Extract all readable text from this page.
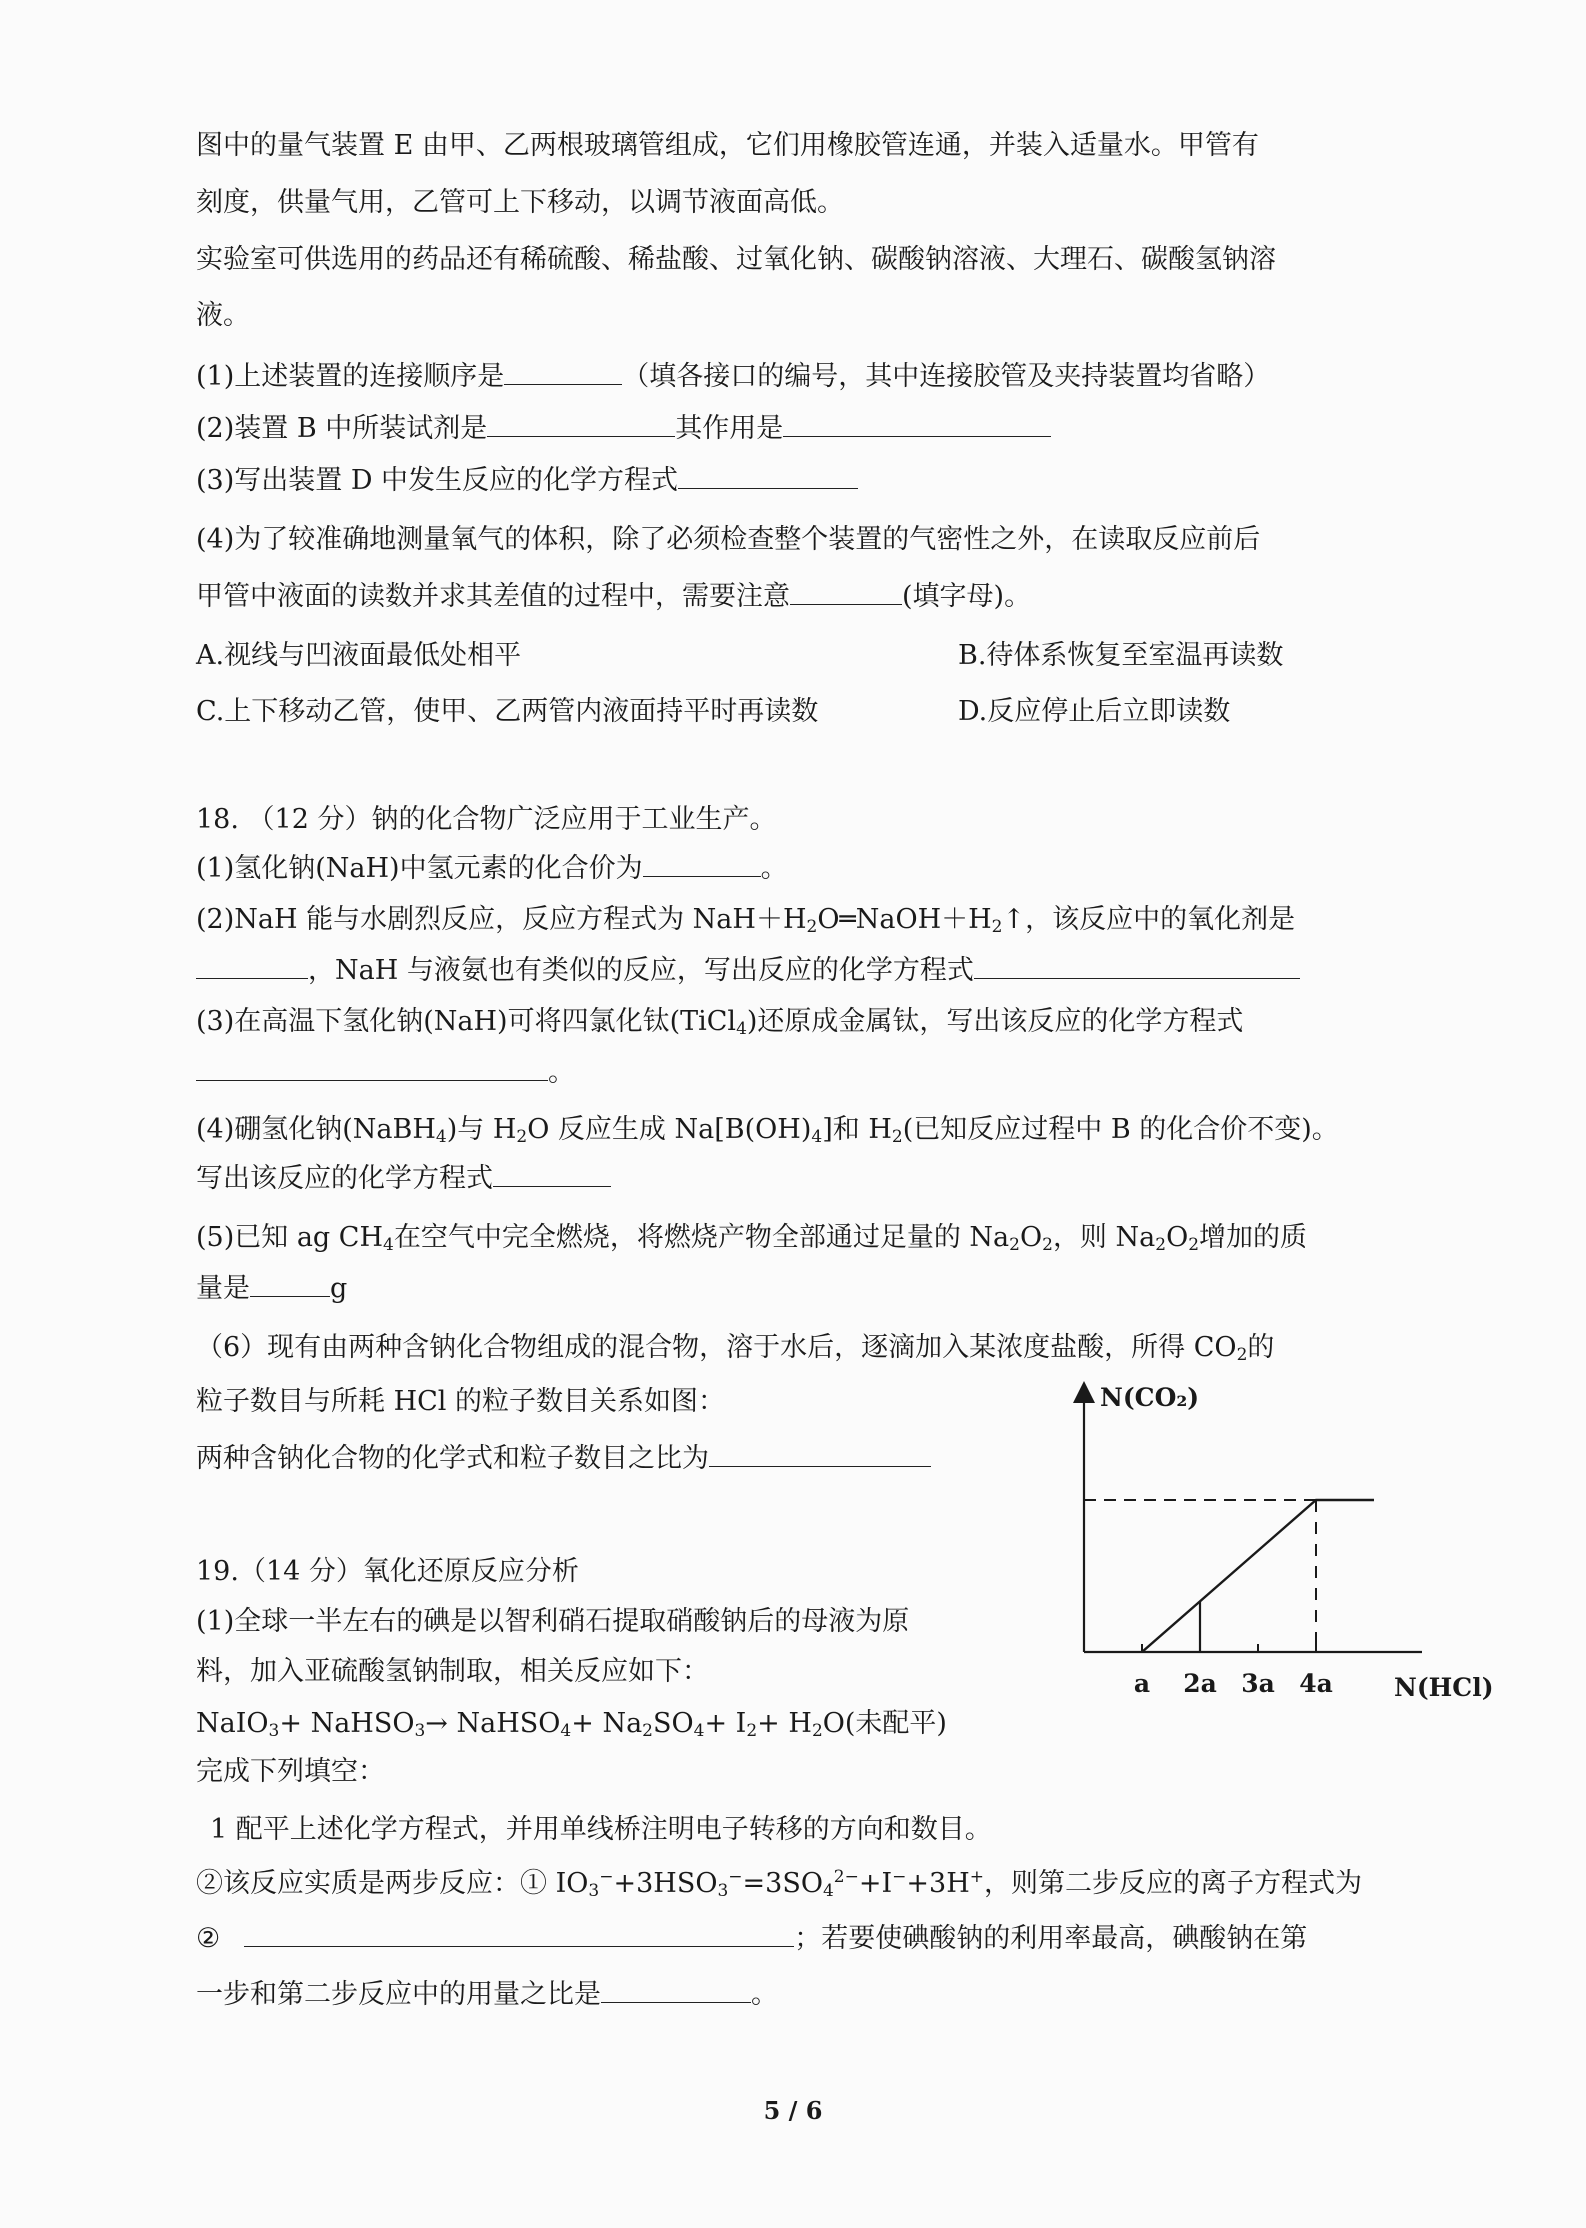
图中的量气装置 E 由甲、乙两根玻璃管组成，它们用橡胶管连通，并装入适量水。甲管有
刻度，供量气用，乙管可上下移动，以调节液面高低。
实验室可供选用的药品还有稀硫酸、稀盐酸、过氧化钠、碳酸钠溶液、大理石、碳酸氢钠溶
液。
(1)上述装置的连接顺序是	（填各接口的编号，其中连接胶管及夹持装置均省略）
(2)装置 B 中所装试剂是	其作用是
(3)写出装置 D 中发生反应的化学方程式
(4)为了较准确地测量氧气的体积，除了必须检查整个装置的气密性之外，在读取反应前后
甲管中液面的读数并求其差值的过程中，需要注意	(填字母)。
A.视线与凹液面最低处相平	B.待体系恢复至室温再读数
C.上下移动乙管，使甲、乙两管内液面持平时再读数	D.反应停止后立即读数
18. （12 分）钠的化合物广泛应用于工业生产。
(1)氢化钠(NaH)中氢元素的化合价为	。
(2)NaH 能与水剧烈反应，反应方程式为 $NaH+H_2O═NaOH+H_2↑$，该反应中的氧化剂是
，NaH 与液氨也有类似的反应，写出反应的化学方程式
(3)在高温下氢化钠(NaH)可将四氯化钛(TiCl$_4$)还原成金属钛，写出该反应的化学方程式
。
(4)硼氢化钠(NaBH$_4$)与 $H_2O$ 反应生成 $Na[B(OH)_4]$和 $H_2$(已知反应过程中 B 的化合价不变)。
写出该反应的化学方程式
(5)已知 ag $CH_4$在空气中完全燃烧，将燃烧产物全部通过足量的 $Na_2O_2$，则 $Na_2O_2$增加的质
量是	g
（6）现有由两种含钠化合物组成的混合物，溶于水后，逐滴加入某浓度盐酸，所得 $CO_2$的
粒子数目与所耗 HCl 的粒子数目关系如图：
两种含钠化合物的化学式和粒子数目之比为
N(CO₂)
N(HCl)
a 2a 3a 4a
19.（14 分）氧化还原反应分析
(1)全球一半左右的碘是以智利硝石提取硝酸钠后的母液为原
料，加入亚硫酸氢钠制取，相关反应如下：
NaIO$_3$+ NaHSO$_3$→ NaHSO$_4$+ $Na_2SO_4+ I_2+ H_2O$(未配平)
完成下列填空：
1 配平上述化学方程式，并用单线桥注明电子转移的方向和数目。
②该反应实质是两步反应：① $IO_3^-+3HSO_3^-=3SO_4^{2-}+I^-+3H^+$，则第二步反应的离子方程式为
②	；若要使碘酸钠的利用率最高，碘酸钠在第
一步和第二步反应中的用量之比是	。
5 / 6
